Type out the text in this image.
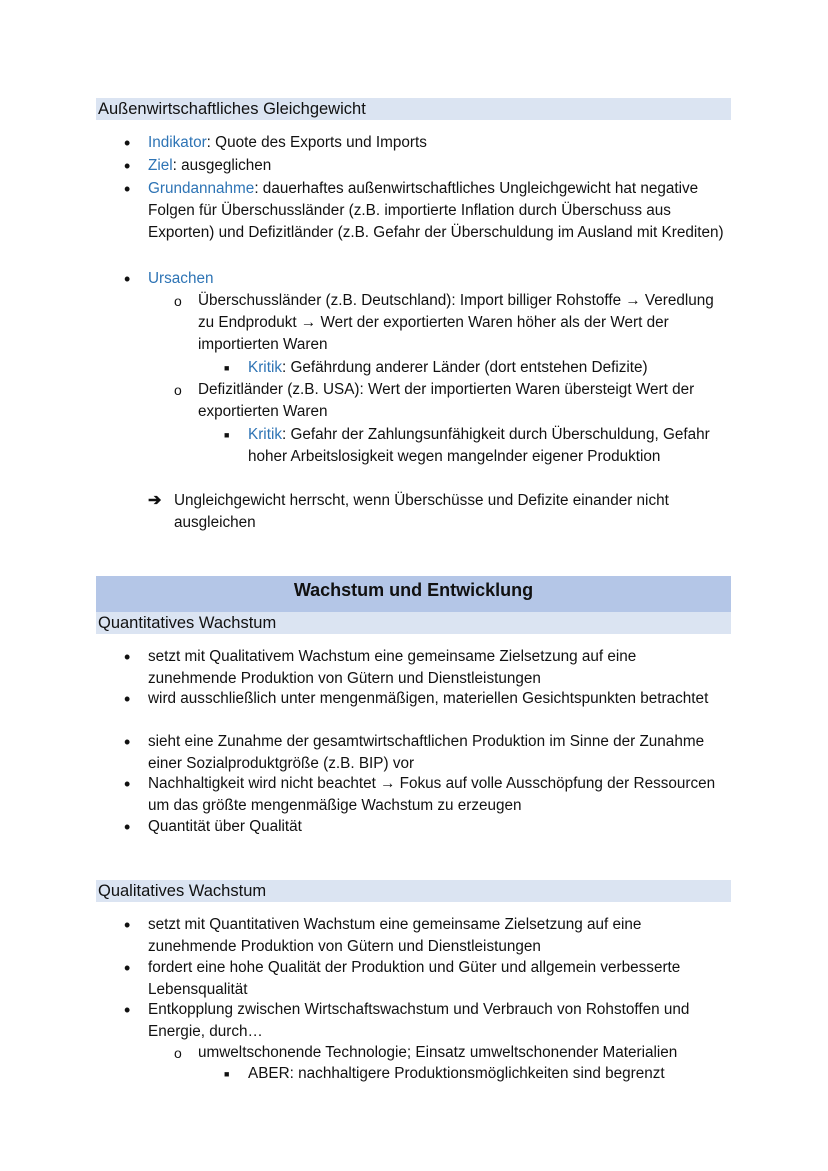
Außenwirtschaftliches Gleichgewicht
• Indikator: Quote des Exports und Imports
• Ziel: ausgeglichen
• Grundannahme: dauerhaftes außenwirtschaftliches Ungleichgewicht hat negative Folgen für Überschussländer (z.B. importierte Inflation durch Überschuss aus Exporten) und Defizitländer (z.B. Gefahr der Überschuldung im Ausland mit Krediten)
• Ursachen
o Überschussländer (z.B. Deutschland): Import billiger Rohstoffe → Veredlung zu Endprodukt → Wert der exportierten Waren höher als der Wert der importierten Waren
■ Kritik: Gefährdung anderer Länder (dort entstehen Defizite)
o Defizitländer (z.B. USA): Wert der importierten Waren übersteigt Wert der exportierten Waren
■ Kritik: Gefahr der Zahlungsunfähigkeit durch Überschuldung, Gefahr hoher Arbeitslosigkeit wegen mangelnder eigener Produktion
➔ Ungleichgewicht herrscht, wenn Überschüsse und Defizite einander nicht ausgleichen
Wachstum und Entwicklung
Quantitatives Wachstum
• setzt mit Qualitativem Wachstum eine gemeinsame Zielsetzung auf eine zunehmende Produktion von Gütern und Dienstleistungen
• wird ausschließlich unter mengenmäßigen, materiellen Gesichtspunkten betrachtet
• sieht eine Zunahme der gesamtwirtschaftlichen Produktion im Sinne der Zunahme einer Sozialproduktgröße (z.B. BIP) vor
• Nachhaltigkeit wird nicht beachtet → Fokus auf volle Ausschöpfung der Ressourcen um das größte mengenmäßige Wachstum zu erzeugen
• Quantität über Qualität
Qualitatives Wachstum
• setzt mit Quantitativen Wachstum eine gemeinsame Zielsetzung auf eine zunehmende Produktion von Gütern und Dienstleistungen
• fordert eine hohe Qualität der Produktion und Güter und allgemein verbesserte Lebensqualität
• Entkopplung zwischen Wirtschaftswachstum und Verbrauch von Rohstoffen und Energie, durch…
o umweltschonende Technologie; Einsatz umweltschonender Materialien
■ ABER: nachhaltigere Produktionsmöglichkeiten sind begrenzt
